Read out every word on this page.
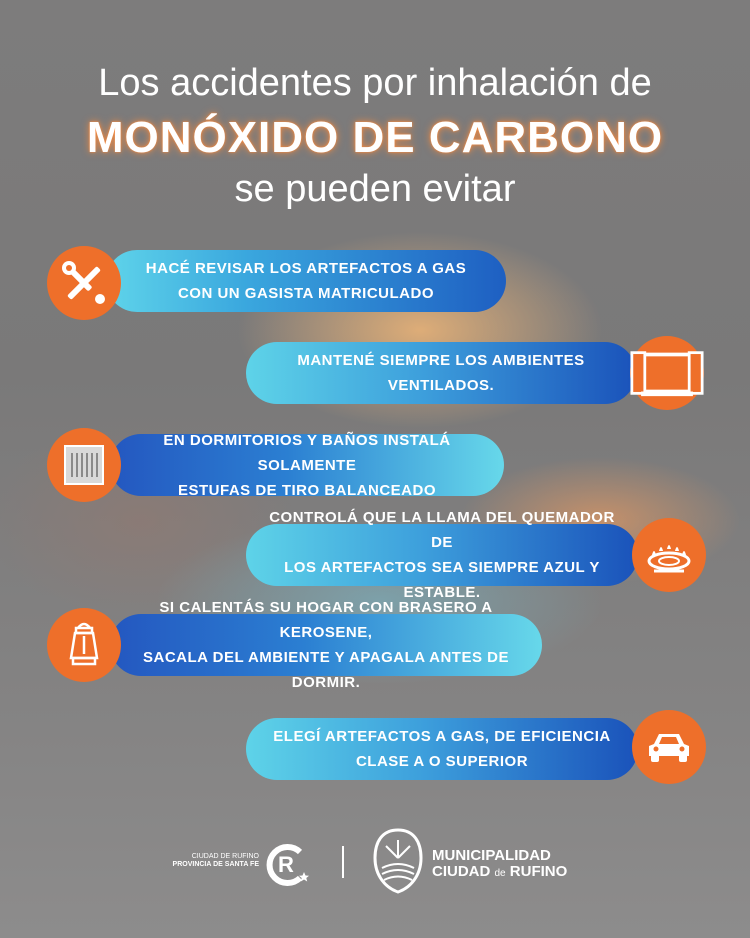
Los accidentes por inhalación de
MONÓXIDO DE CARBONO
se pueden evitar
HACÉ REVISAR LOS ARTEFACTOS A GAS
CON UN GASISTA MATRICULADO
MANTENÉ SIEMPRE LOS AMBIENTES
VENTILADOS.
EN DORMITORIOS Y BAÑOS INSTALÁ SOLAMENTE
ESTUFAS DE TIRO BALANCEADO
CONTROLÁ QUE LA LLAMA DEL QUEMADOR DE
LOS ARTEFACTOS SEA SIEMPRE AZUL Y ESTABLE.
SI CALENTÁS SU HOGAR CON BRASERO A KEROSENE,
SACALA DEL AMBIENTE Y APAGALA ANTES DE DORMIR.
ELEGÍ ARTEFACTOS A GAS, DE EFICIENCIA
CLASE A O SUPERIOR
CIUDAD DE RUFINO
PROVINCIA DE SANTA FE R	MUNICIPALIDAD
CIUDAD de RUFINO
